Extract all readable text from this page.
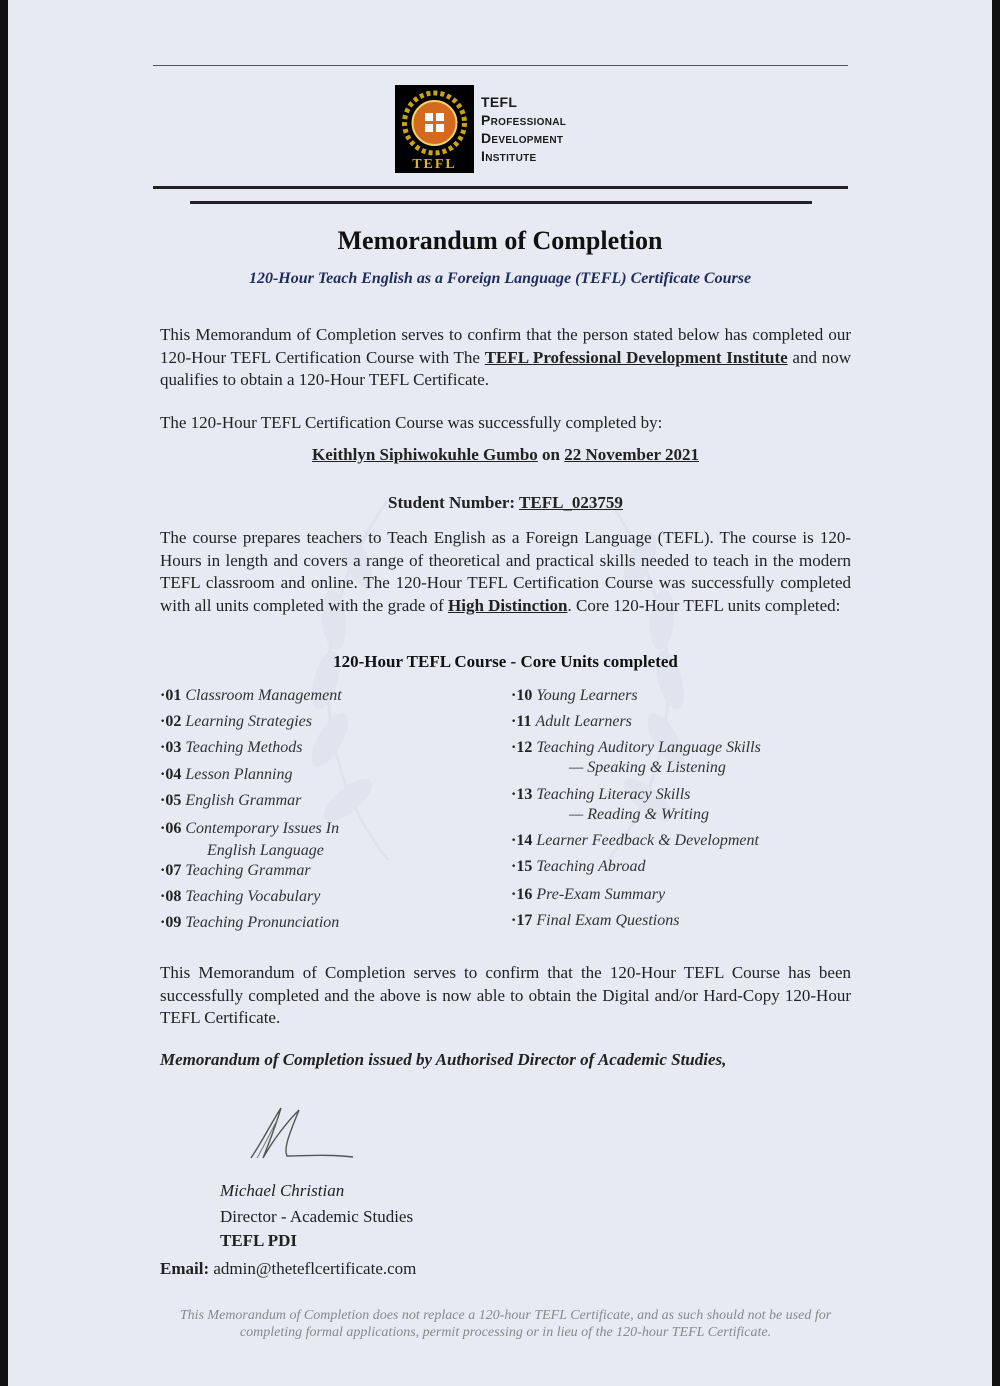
TEFL
TEFL
Professional
Development
Institute
Memorandum of Completion
120-Hour Teach English as a Foreign Language (TEFL) Certificate Course
This Memorandum of Completion serves to confirm that the person stated below has completed our 120-Hour TEFL Certification Course with The TEFL Professional Development Institute and now qualifies to obtain a 120-Hour TEFL Certificate.
The 120-Hour TEFL Certification Course was successfully completed by:
Keithlyn Siphiwokuhle Gumbo on 22 November 2021
Student Number: TEFL_023759
The course prepares teachers to Teach English as a Foreign Language (TEFL). The course is 120-Hours in length and covers a range of theoretical and practical skills needed to teach in the modern TEFL classroom and online. The 120-Hour TEFL Certification Course was successfully completed with all units completed with the grade of High Distinction. Core 120-Hour TEFL units completed:
120-Hour TEFL Course - Core Units completed
·01 Classroom Management
·02 Learning Strategies
·03 Teaching Methods
·04 Lesson Planning
·05 English Grammar
·06 Contemporary Issues In
English Language
·07 Teaching Grammar
·08 Teaching Vocabulary
·09 Teaching Pronunciation
·10 Young Learners
·11 Adult Learners
·12 Teaching Auditory Language Skills
— Speaking & Listening
·13 Teaching Literacy Skills
— Reading & Writing
·14 Learner Feedback & Development
·15 Teaching Abroad
·16 Pre-Exam Summary
·17 Final Exam Questions
This Memorandum of Completion serves to confirm that the 120-Hour TEFL Course has been successfully completed and the above is now able to obtain the Digital and/or Hard-Copy 120-Hour TEFL Certificate.
Memorandum of Completion issued by Authorised Director of Academic Studies,
Michael Christian
Director - Academic Studies
TEFL PDI
Email: admin@theteflcertificate.com
This Memorandum of Completion does not replace a 120-hour TEFL Certificate, and as such should not be used for completing formal applications, permit processing or in lieu of the 120-hour TEFL Certificate.
